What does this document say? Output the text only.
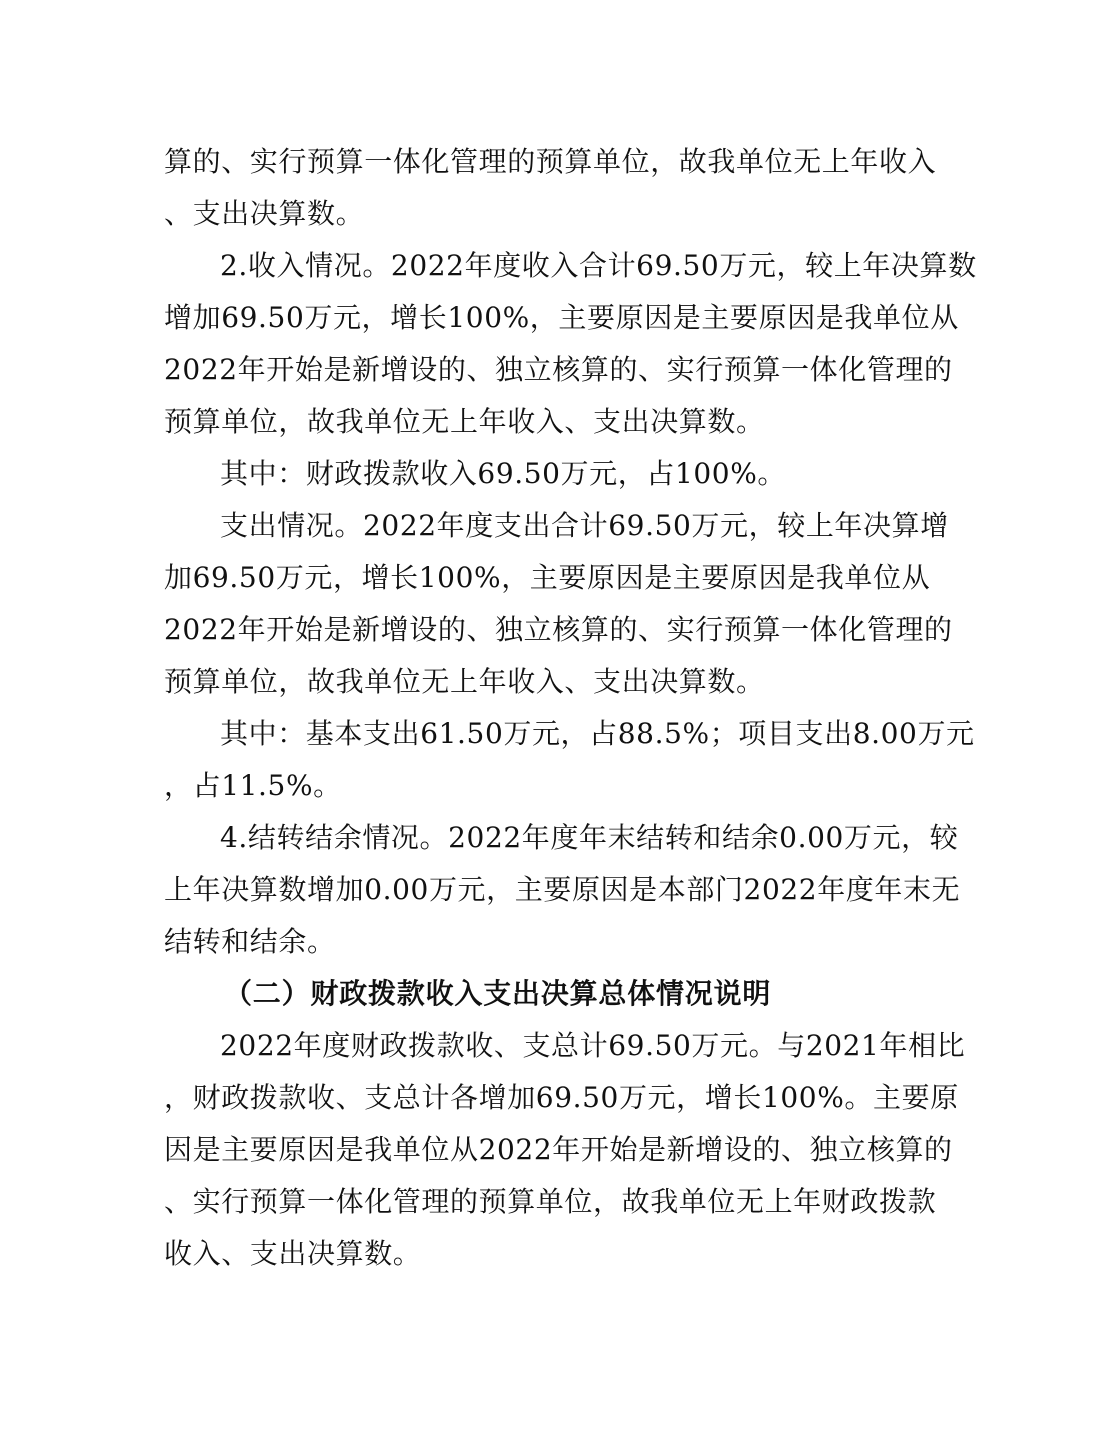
算的、实行预算一体化管理的预算单位，故我单位无上年收入

、支出决算数。

2.收入情况。2022年度收入合计69.50万元，较上年决算数

增加69.50万元，增长100%，主要原因是主要原因是我单位从

2022年开始是新增设的、独立核算的、实行预算一体化管理的

预算单位，故我单位无上年收入、支出决算数。

其中：财政拨款收入69.50万元，占100%。

支出情况。2022年度支出合计69.50万元，较上年决算增

加69.50万元，增长100%，主要原因是主要原因是我单位从

2022年开始是新增设的、独立核算的、实行预算一体化管理的

预算单位，故我单位无上年收入、支出决算数。

其中：基本支出61.50万元，占88.5%；项目支出8.00万元

，占11.5%。

4.结转结余情况。2022年度年末结转和结余0.00万元，较

上年决算数增加0.00万元，主要原因是本部门2022年度年末无

结转和结余。

（二）财政拨款收入支出决算总体情况说明

2022年度财政拨款收、支总计69.50万元。与2021年相比

，财政拨款收、支总计各增加69.50万元，增长100%。主要原

因是主要原因是我单位从2022年开始是新增设的、独立核算的

、实行预算一体化管理的预算单位，故我单位无上年财政拨款

收入、支出决算数。
